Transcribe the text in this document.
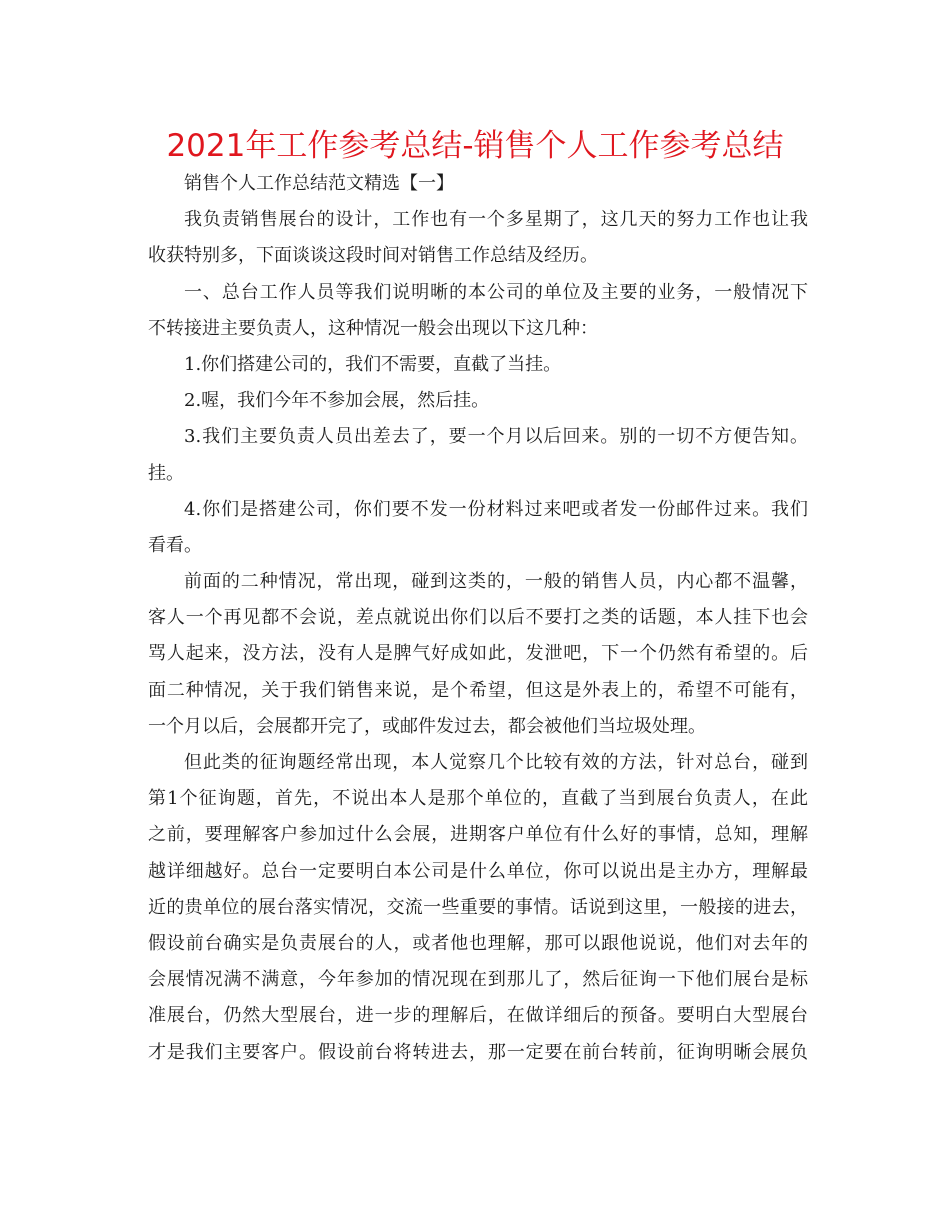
2021年工作参考总结-销售个人工作参考总结
销售个人工作总结范文精选【一】
我负责销售展台的设计，工作也有一个多星期了，这几天的努力工作也让我
收获特别多，下面谈谈这段时间对销售工作总结及经历。
一、总台工作人员等我们说明晰的本公司的单位及主要的业务，一般情况下
不转接进主要负责人，这种情况一般会出现以下这几种：
1.你们搭建公司的，我们不需要，直截了当挂。
2.喔，我们今年不参加会展，然后挂。
3.我们主要负责人员出差去了，要一个月以后回来。别的一切不方便告知。
挂。
4.你们是搭建公司，你们要不发一份材料过来吧或者发一份邮件过来。我们
看看。
前面的二种情况，常出现，碰到这类的，一般的销售人员，内心都不温馨，
客人一个再见都不会说，差点就说出你们以后不要打之类的话题，本人挂下也会
骂人起来，没方法，没有人是脾气好成如此，发泄吧，下一个仍然有希望的。后
面二种情况，关于我们销售来说，是个希望，但这是外表上的，希望不可能有，
一个月以后，会展都开完了，或邮件发过去，都会被他们当垃圾处理。
但此类的征询题经常出现，本人觉察几个比较有效的方法，针对总台，碰到
第1个征询题，首先，不说出本人是那个单位的，直截了当到展台负责人，在此
之前，要理解客户参加过什么会展，进期客户单位有什么好的事情，总知，理解
越详细越好。总台一定要明白本公司是什么单位，你可以说出是主办方，理解最
近的贵单位的展台落实情况，交流一些重要的事情。话说到这里，一般接的进去，
假设前台确实是负责展台的人，或者他也理解，那可以跟他说说，他们对去年的
会展情况满不满意，今年参加的情况现在到那儿了，然后征询一下他们展台是标
准展台，仍然大型展台，进一步的理解后，在做详细后的预备。要明白大型展台
才是我们主要客户。假设前台将转进去，那一定要在前台转前，征询明晰会展负
